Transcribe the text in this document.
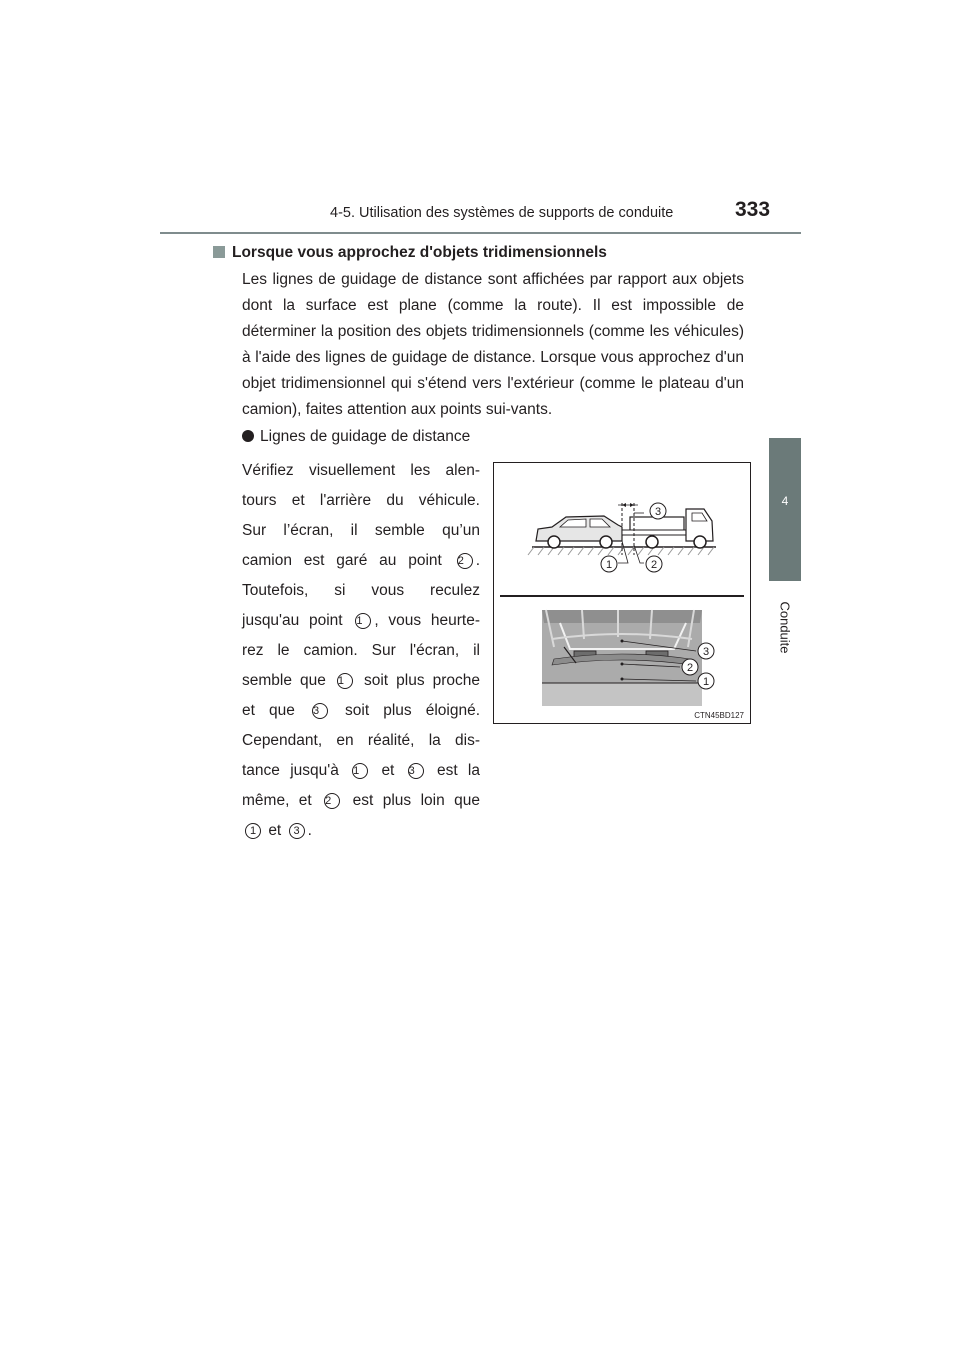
4-5. Utilisation des systèmes de supports de conduite	333
4
Conduite
Lorsque vous approchez d'objets tridimensionnels

Les lignes de guidage de distance sont affichées par rapport aux objets dont la surface est plane (comme la route). Il est impossible de déterminer la position des objets tridimensionnels (comme les véhicules) à l'aide des lignes de guidage de distance. Lorsque vous approchez d'un objet tridimensionnel qui s'étend vers l'extérieur (comme le plateau d'un camion), faites attention aux points sui-vants.

Lignes de guidage de distance
Vérifiez visuellement les alen-
tours et l'arrière du véhicule.
Sur l’écran, il semble qu’un
camion est garé au point 2 .
Toutefois, si vous reculez
jusqu'au point 1 , vous heurte-
rez le camion. Sur l'écran, il
semble que 1 soit plus proche
et que 3 soit plus éloigné.
Cependant, en réalité, la dis-
tance jusqu'à 1 et 3 est la
même, et 2 est plus loin que
1 et 3 .
1	2
3
3
2
1
CTN45BD127
